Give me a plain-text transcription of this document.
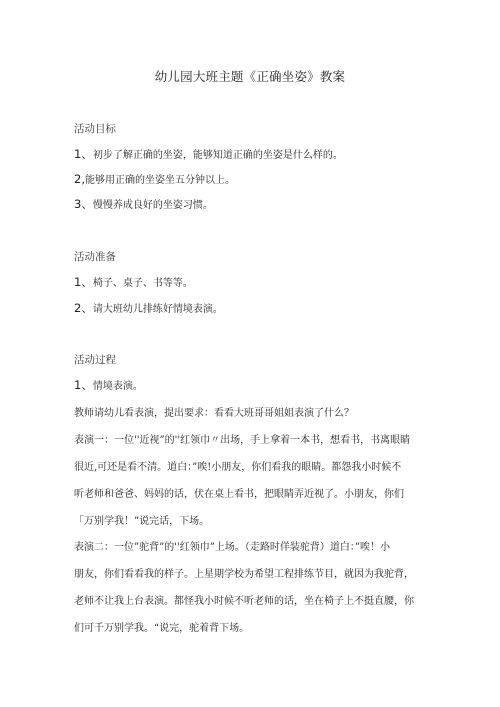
幼儿园大班主题《正确坐姿》教案
活动目标
1、初步了解正确的坐姿，能够知道正确的坐姿是什么样的。
2,能够用正确的坐姿坐五分钟以上。
3、慢慢养成良好的坐姿习惯。
活动准备
1、椅子、桌子、书等等。
2、请大班幼儿排练好情境表演。
活动过程
1、情境表演。
教师请幼儿看表演，提出要求：看看大班哥哥姐姐表演了什么？
表演一：一位''近视”的''红领巾〃出场，手上拿着一本书，想看书，书离眼睛
很近,可还是看不清。道白：”唉!小朋友，你们看我的眼睛。都怨我小时候不
听老师和爸爸、妈妈的话，伏在桌上看书，把眼睛弄近视了。小朋友，你们
「万别学我！”说完话，下场。
表演二：一位”驼背”的''红领巾”上场。（走路时佯装驼背）道白：”唉！小
朋友，你们看看我的样子。上星期学校为希望工程排练节目，就因为我驼背，
老师不让我上台表演。都怪我小时候不听老师的话，坐在椅子上不挺直腰，你
们可千万别学我。“说完，驼着背下场。
